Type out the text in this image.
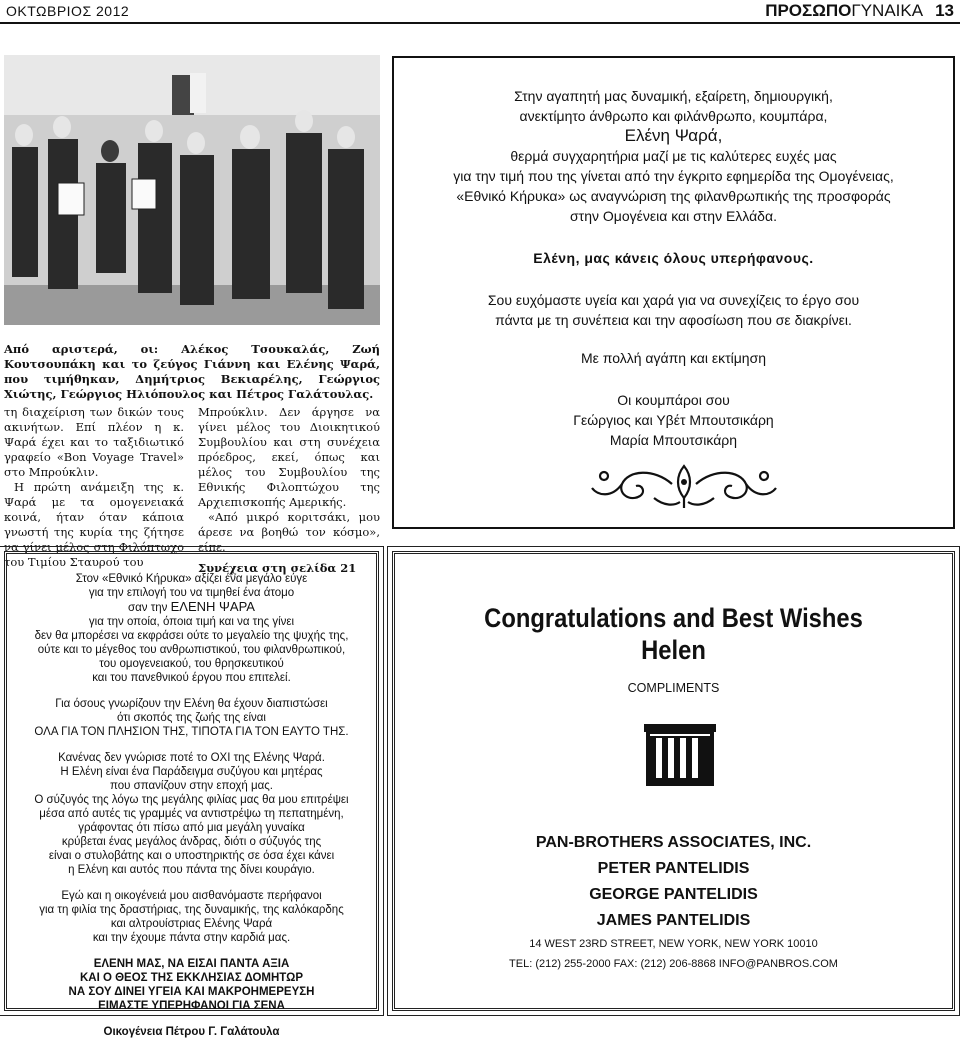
ΟΚΤΩΒΡΙΟΣ 2012	ΠΡΟΣΩΠΟΓΥΝΑΙΚΑ 13
Από αριστερά, οι: Αλέκος Τσουκαλάς, Ζωή Κουτσουπάκη και το ζεύγος Γιάννη και Ελένης Ψαρά, που τιμήθηκαν, Δημήτριος Βεκιαρέλης, Γεώργιος Χιώτης, Γεώργιος Ηλιόπουλος και Πέτρος Γαλάτουλας.

τη διαχείριση των δικών τους ακινήτων. Επί πλέον η κ. Ψαρά έχει και το ταξιδιωτικό γραφείο «Bon Voyage Travel» στο Μπρούκλιν.

Η πρώτη ανάμειξη της κ. Ψαρά με τα ομογενειακά κοινά, ήταν όταν κάποια γνωστή της κυρία της ζήτησε να γίνει μέλος στη Φιλόπτωχο του Τιμίου Σταυρού του

Μπρούκλιν. Δεν άργησε να γίνει μέλος του Διοικητικού Συμβουλίου και στη συνέχεια πρόεδρος, εκεί, όπως και μέλος του Συμβουλίου της Εθνικής Φιλοπτώχου της Αρχιεπισκοπής Αμερικής.

«Από μικρό κοριτσάκι, μου άρεσε να βοηθώ τον κόσμο», είπε.

Συνέχεια στη σελίδα 21

Στην αγαπητή μας δυναμική, εξαίρετη, δημιουργική,
ανεκτίμητο άνθρωπο και φιλάνθρωπο, κουμπάρα,
Ελένη Ψαρά,
θερμά συγχαρητήρια μαζί με τις καλύτερες ευχές μας
για την τιμή που της γίνεται από την έγκριτο εφημερίδα της Ομογένειας,
«Εθνικό Κήρυκα» ως αναγνώριση της φιλανθρωπικής της προσφοράς
στην Ομογένεια και στην Ελλάδα.
Ελένη, μας κάνεις όλους υπερήφανους.
Σου ευχόμαστε υγεία και χαρά για να συνεχίζεις το έργο σου
πάντα με τη συνέπεια και την αφοσίωση που σε διακρίνει.
Με πολλή αγάπη και εκτίμηση
Οι κουμπάροι σου
Γεώργιος και Υβέτ Μπουτσικάρη
Μαρία Μπουτσικάρη
Στον «Εθνικό Κήρυκα» αξίζει ένα μεγάλο εύγε
για την επιλογή του να τιμηθεί ένα άτομο
σαν την ΕΛΕΝΗ ΨΑΡΑ
για την οποία, όποια τιμή και να της γίνει
δεν θα μπορέσει να εκφράσει ούτε το μεγαλείο της ψυχής της,
ούτε και το μέγεθος του ανθρωπιστικού, του φιλανθρωπικού,
του ομογενειακού, του θρησκευτικού
και του πανεθνικού έργου που επιτελεί.
Για όσους γνωρίζουν την Ελένη θα έχουν διαπιστώσει
ότι σκοπός της ζωής της είναι
ΟΛΑ ΓΙΑ ΤΟΝ ΠΛΗΣΙΟΝ ΤΗΣ, ΤΙΠΟΤΑ ΓΙΑ ΤΟΝ ΕΑΥΤΟ ΤΗΣ.
Κανένας δεν γνώρισε ποτέ το ΟΧΙ της Ελένης Ψαρά.
Η Ελένη είναι ένα Παράδειγμα συζύγου και μητέρας
που σπανίζουν στην εποχή μας.
Ο σύζυγός της λόγω της μεγάλης φιλίας μας θα μου επιτρέψει
μέσα από αυτές τις γραμμές να αντιστρέψω τη πεπατημένη,
γράφοντας ότι πίσω από μια μεγάλη γυναίκα
κρύβεται ένας μεγάλος άνδρας, διότι ο σύζυγός της
είναι ο στυλοβάτης και ο υποστηρικτής σε όσα έχει κάνει
η Ελένη και αυτός που πάντα της δίνει κουράγιο.
Εγώ και η οικογένειά μου αισθανόμαστε περήφανοι
για τη φιλία της δραστήριας, της δυναμικής, της καλόκαρδης
και αλτρουίστριας Ελένης Ψαρά
και την έχουμε πάντα στην καρδιά μας.
ΕΛΕΝΗ ΜΑΣ, ΝΑ ΕΙΣΑΙ ΠΑΝΤΑ ΑΞΙΑ
ΚΑΙ Ο ΘΕΟΣ ΤΗΣ ΕΚΚΛΗΣΙΑΣ ΔΟΜΗΤΩΡ
ΝΑ ΣΟΥ ΔΙΝΕΙ ΥΓΕΙΑ ΚΑΙ ΜΑΚΡΟΗΜΕΡΕΥΣΗ
ΕΙΜΑΣΤΕ ΥΠΕΡΗΦΑΝΟΙ ΓΙΑ ΣΕΝΑ
Οικογένεια Πέτρου Γ. Γαλάτουλα
Congratulations and Best Wishes
Helen
COMPLIMENTS
PAN-BROTHERS ASSOCIATES, INC.
PETER PANTELIDIS
GEORGE PANTELIDIS
JAMES PANTELIDIS
14 WEST 23RD STREET, NEW YORK, NEW YORK 10010
TEL: (212) 255-2000 FAX: (212) 206-8868 INFO@PANBROS.COM
